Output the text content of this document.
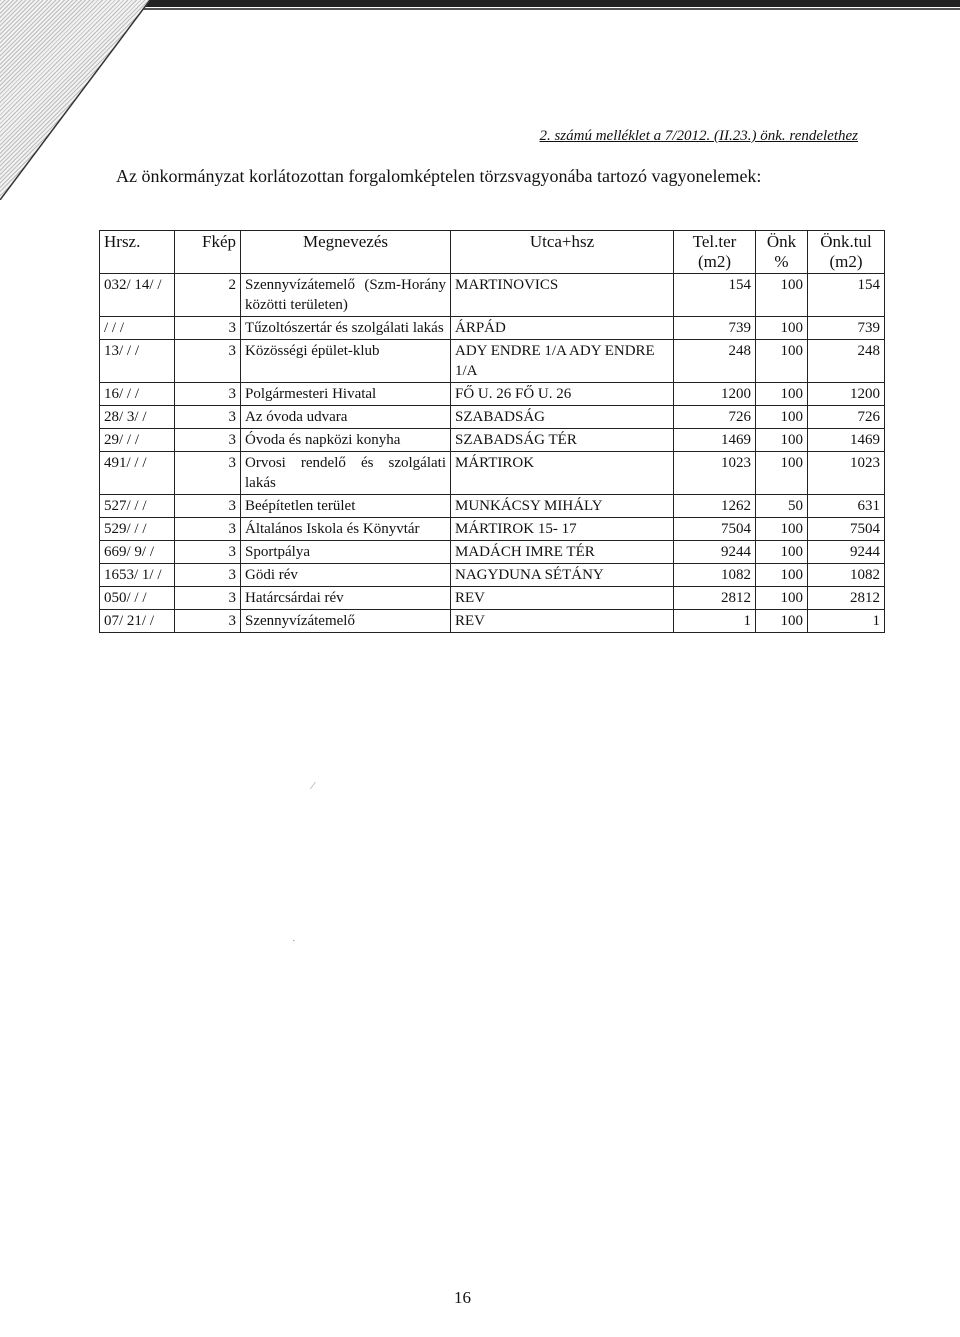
2. számú melléklet a 7/2012. (II.23.) önk. rendelethez
Az önkormányzat korlátozottan forgalomképtelen törzsvagyonába tartozó vagyonelemek:
Hrsz.	Fkép	Megnevezés	Utca+hsz	Tel.ter (m2)	Önk %	Önk.tul (m2)
032/ 14/ /	2	Szennyvízátemelő (Szm-Horány közötti területen)	MARTINOVICS	154	100	154
/ / /	3	Tűzoltószertár és szolgálati lakás	ÁRPÁD	739	100	739
13/ / /	3	Közösségi épület-klub	ADY ENDRE 1/A ADY ENDRE 1/A	248	100	248
16/ / /	3	Polgármesteri Hivatal	FŐ U. 26 FŐ U. 26	1200	100	1200
28/ 3/ /	3	Az óvoda udvara	SZABADSÁG	726	100	726
29/ / /	3	Óvoda és napközi konyha	SZABADSÁG TÉR	1469	100	1469
491/ / /	3	Orvosi rendelő és szolgálati lakás	MÁRTIROK	1023	100	1023
527/ / /	3	Beépítetlen terület	MUNKÁCSY MIHÁLY	1262	50	631
529/ / /	3	Általános Iskola és Könyvtár	MÁRTIROK 15- 17	7504	100	7504
669/ 9/ /	3	Sportpálya	MADÁCH IMRE TÉR	9244	100	9244
1653/ 1/ /	3	Gödi rév	NAGYDUNA SÉTÁNY	1082	100	1082
050/ / /	3	Határcsárdai rév	REV	2812	100	2812
07/ 21/ /	3	Szennyvízátemelő	REV	1	100	1
⁄
·
16
